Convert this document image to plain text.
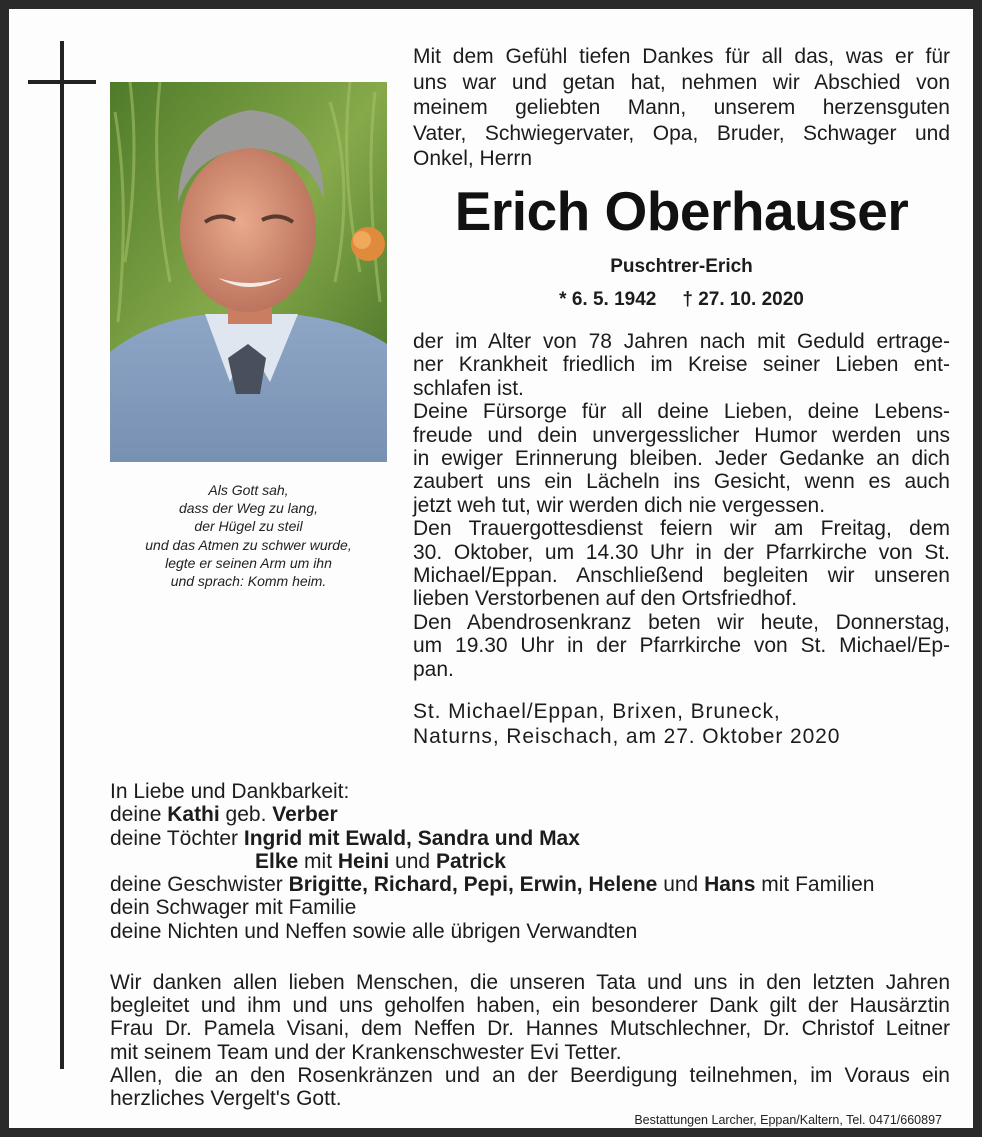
Als Gott sah,
dass der Weg zu lang,
der Hügel zu steil
und das Atmen zu schwer wurde,
legte er seinen Arm um ihn
und sprach: Komm heim.
Mit dem Gefühl tiefen Dankes für all das, was er für
uns war und getan hat, nehmen wir Abschied von
meinem geliebten Mann, unserem herzensguten
Vater, Schwiegervater, Opa, Bruder, Schwager und
Onkel, Herrn
Erich Oberhauser
Puschtrer-Erich
* 6. 5. 1942 † 27. 10. 2020
der im Alter von 78 Jahren nach mit Geduld ertrage-
ner Krankheit friedlich im Kreise seiner Lieben ent-
schlafen ist.
Deine Fürsorge für all deine Lieben, deine Lebens-
freude und dein unvergesslicher Humor werden uns
in ewiger Erinnerung bleiben. Jeder Gedanke an dich
zaubert uns ein Lächeln ins Gesicht, wenn es auch
jetzt weh tut, wir werden dich nie vergessen.
Den Trauergottesdienst feiern wir am Freitag, dem
30. Oktober, um 14.30 Uhr in der Pfarrkirche von St.
Michael/Eppan. Anschließend begleiten wir unseren
lieben Verstorbenen auf den Ortsfriedhof.
Den Abendrosenkranz beten wir heute, Donnerstag,
um 19.30 Uhr in der Pfarrkirche von St. Michael/Ep-
pan.
St. Michael/Eppan, Brixen, Bruneck,
Naturns, Reischach, am 27. Oktober 2020
In Liebe und Dankbarkeit:
deine Kathi geb. Verber
deine Töchter Ingrid mit Ewald, Sandra und Max
Elke mit Heini und Patrick
deine Geschwister Brigitte, Richard, Pepi, Erwin, Helene und Hans mit Familien
dein Schwager mit Familie
deine Nichten und Neffen sowie alle übrigen Verwandten
Wir danken allen lieben Menschen, die unseren Tata und uns in den letzten Jahren
begleitet und ihm und uns geholfen haben, ein besonderer Dank gilt der Hausärztin
Frau Dr. Pamela Visani, dem Neffen Dr. Hannes Mutschlechner, Dr. Christof Leitner
mit seinem Team und der Krankenschwester Evi Tetter.
Allen, die an den Rosenkränzen und an der Beerdigung teilnehmen, im Voraus ein
herzliches Vergelt's Gott.
Bestattungen Larcher, Eppan/Kaltern, Tel. 0471/660897
